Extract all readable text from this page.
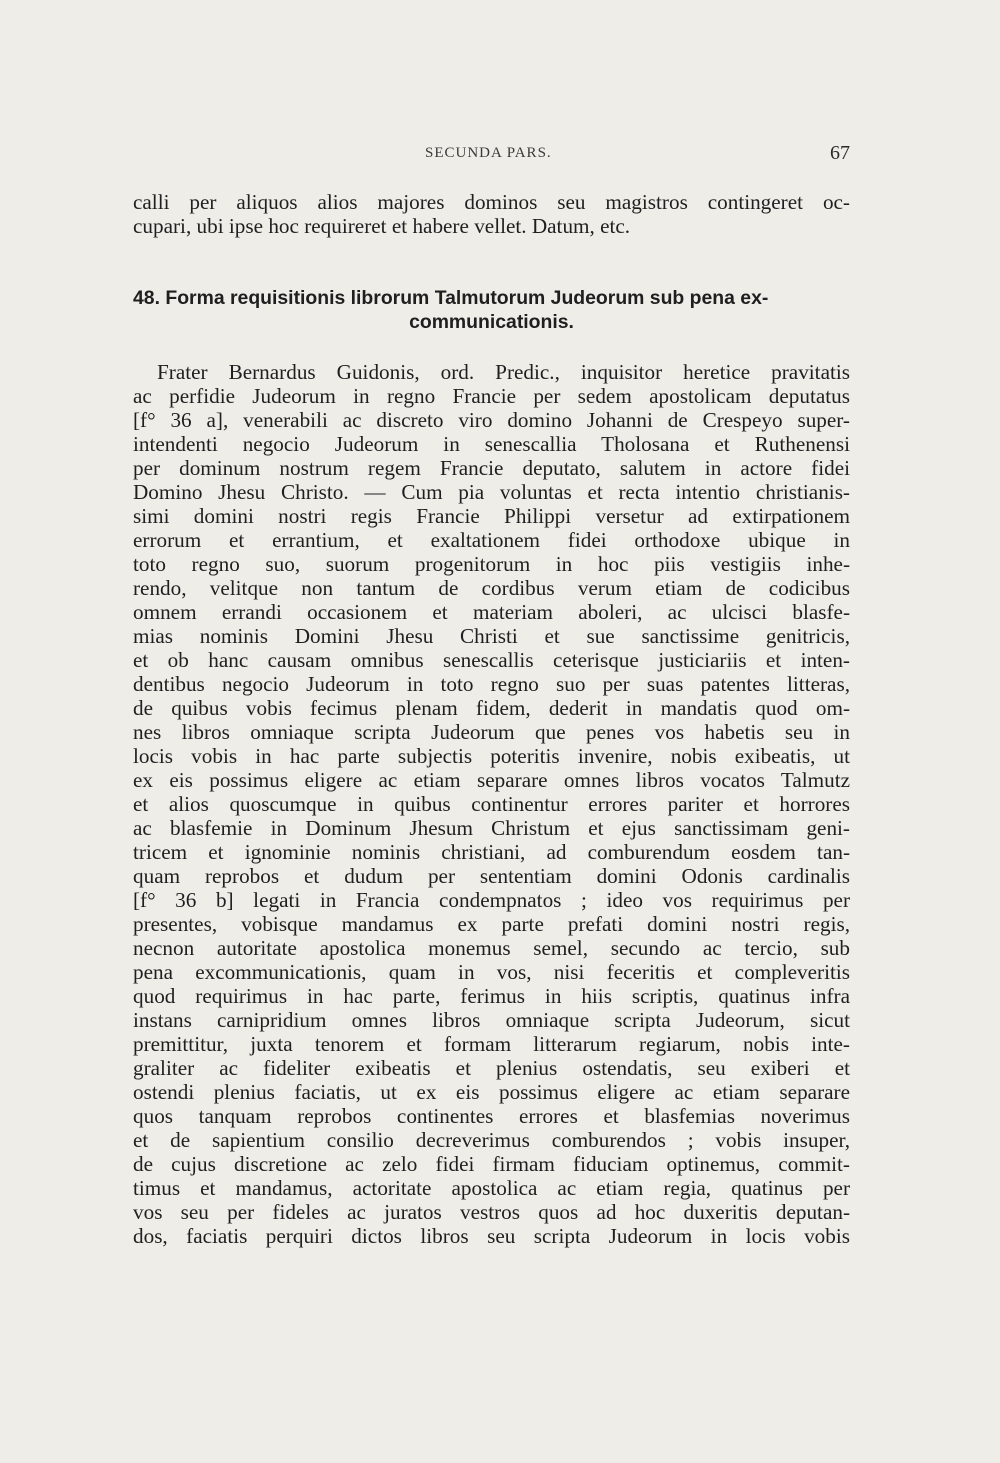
SECUNDA PARS.	67
calli per aliquos alios majores dominos seu magistros contingeret oc-
cupari, ubi ipse hoc requireret et habere vellet. Datum, etc.
48. Forma requisitionis librorum Talmutorum Judeorum sub pena ex-
communicationis.
Frater Bernardus Guidonis, ord. Predic., inquisitor heretice pravitatis
ac perfidie Judeorum in regno Francie per sedem apostolicam deputatus
[f° 36 a], venerabili ac discreto viro domino Johanni de Crespeyo super-
intendenti negocio Judeorum in senescallia Tholosana et Ruthenensi
per dominum nostrum regem Francie deputato, salutem in actore fidei
Domino Jhesu Christo. — Cum pia voluntas et recta intentio christianis-
simi domini nostri regis Francie Philippi versetur ad extirpationem
errorum et errantium, et exaltationem fidei orthodoxe ubique in
toto regno suo, suorum progenitorum in hoc piis vestigiis inhe-
rendo, velitque non tantum de cordibus verum etiam de codicibus
omnem errandi occasionem et materiam aboleri, ac ulcisci blasfe-
mias nominis Domini Jhesu Christi et sue sanctissime genitricis,
et ob hanc causam omnibus senescallis ceterisque justiciariis et inten-
dentibus negocio Judeorum in toto regno suo per suas patentes litteras,
de quibus vobis fecimus plenam fidem, dederit in mandatis quod om-
nes libros omniaque scripta Judeorum que penes vos habetis seu in
locis vobis in hac parte subjectis poteritis invenire, nobis exibeatis, ut
ex eis possimus eligere ac etiam separare omnes libros vocatos Talmutz
et alios quoscumque in quibus continentur errores pariter et horrores
ac blasfemie in Dominum Jhesum Christum et ejus sanctissimam geni-
tricem et ignominie nominis christiani, ad comburendum eosdem tan-
quam reprobos et dudum per sententiam domini Odonis cardinalis
[f° 36 b] legati in Francia condempnatos ; ideo vos requirimus per
presentes, vobisque mandamus ex parte prefati domini nostri regis,
necnon autoritate apostolica monemus semel, secundo ac tercio, sub
pena excommunicationis, quam in vos, nisi feceritis et compleveritis
quod requirimus in hac parte, ferimus in hiis scriptis, quatinus infra
instans carnipridium omnes libros omniaque scripta Judeorum, sicut
premittitur, juxta tenorem et formam litterarum regiarum, nobis inte-
graliter ac fideliter exibeatis et plenius ostendatis, seu exiberi et
ostendi plenius faciatis, ut ex eis possimus eligere ac etiam separare
quos tanquam reprobos continentes errores et blasfemias noverimus
et de sapientium consilio decreverimus comburendos ; vobis insuper,
de cujus discretione ac zelo fidei firmam fiduciam optinemus, commit-
timus et mandamus, actoritate apostolica ac etiam regia, quatinus per
vos seu per fideles ac juratos vestros quos ad hoc duxeritis deputan-
dos, faciatis perquiri dictos libros seu scripta Judeorum in locis vobis
